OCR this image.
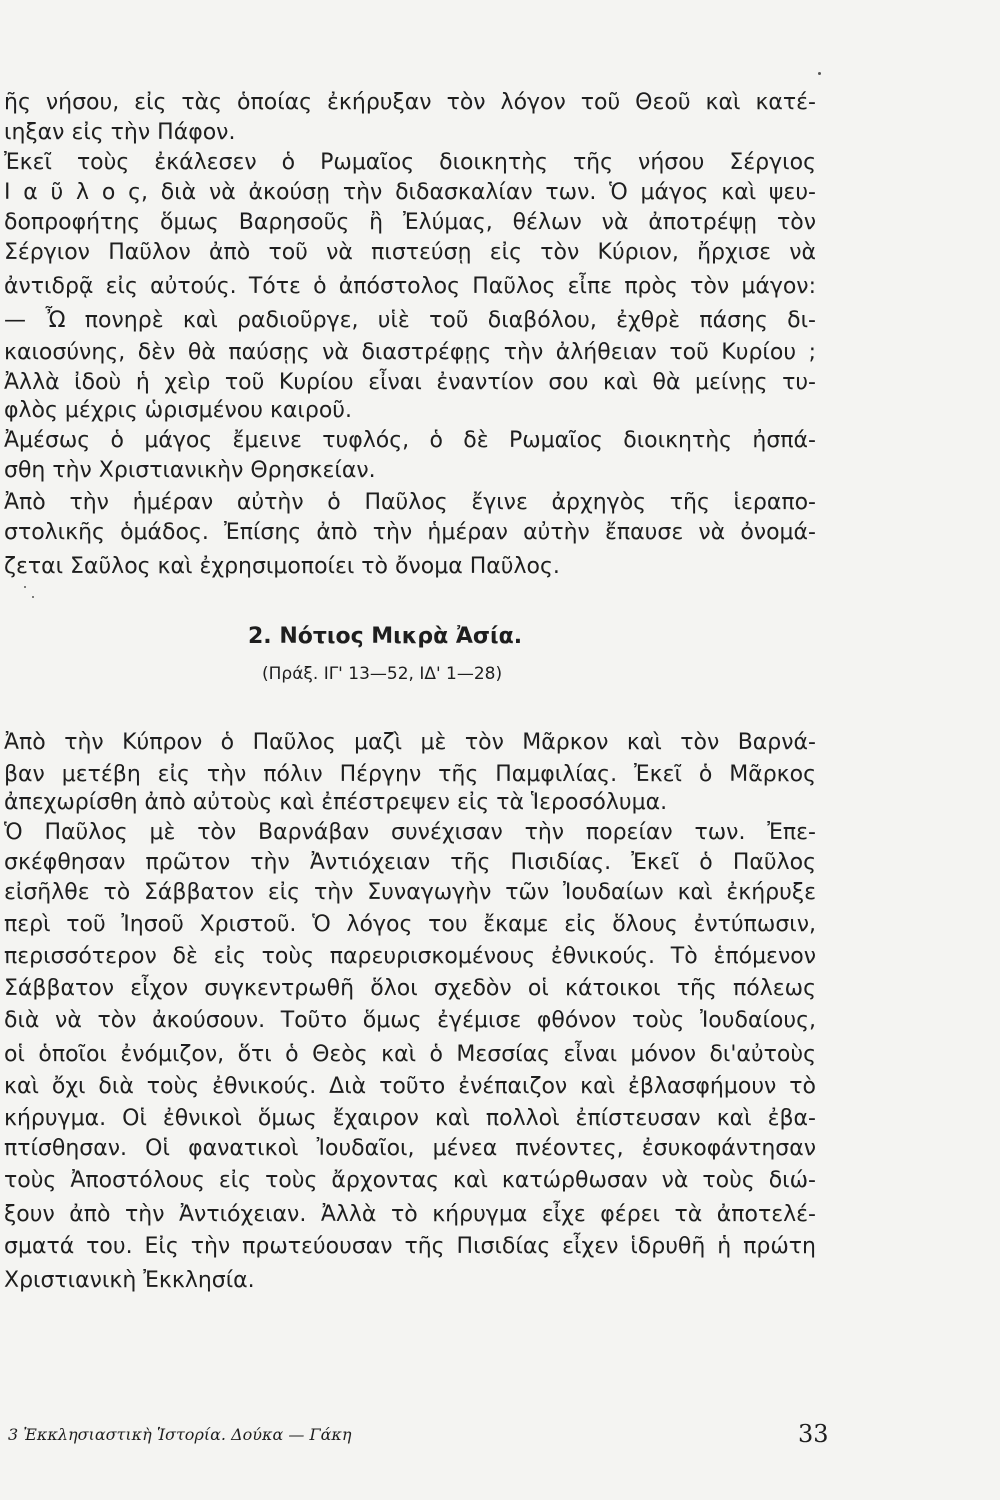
ῆς νήσου, εἰς τὰς ὁποίας ἐκήρυξαν τὸν λόγον τοῦ Θεοῦ καὶ κατέ-
ιηξαν εἰς τὴν Πάφον.
Ἐκεῖ τοὺς ἐκάλεσεν ὁ Ρωμαῖος διοικητὴς τῆς νήσου Σέργιος
Ι α ῦ λ ο ς, διὰ νὰ ἀκούσῃ τὴν διδασκαλίαν των. Ὁ μάγος καὶ ψευ-
δοπροφήτης ὅμως Βαρησοῦς ἢ Ἐλύμας, θέλων νὰ ἀποτρέψῃ τὸν
Σέργιον Παῦλον ἀπὸ τοῦ νὰ πιστεύσῃ εἰς τὸν Κύριον, ἤρχισε νὰ
ἀντιδρᾷ εἰς αὐτούς. Τότε ὁ ἀπόστολος Παῦλος εἶπε πρὸς τὸν μάγον:
— Ὦ πονηρὲ καὶ ραδιοῦργε, υἱὲ τοῦ διαβόλου, ἐχθρὲ πάσης δι-
καιοσύνης, δὲν θὰ παύσῃς νὰ διαστρέφῃς τὴν ἀλήθειαν τοῦ Κυρίου ;
Ἀλλὰ ἰδοὺ ἡ χεὶρ τοῦ Κυρίου εἶναι ἐναντίον σου καὶ θὰ μείνῃς τυ-
φλὸς μέχρις ὡρισμένου καιροῦ.
Ἀμέσως ὁ μάγος ἔμεινε τυφλός, ὁ δὲ Ρωμαῖος διοικητὴς ἠσπά-
σθη τὴν Χριστιανικὴν Θρησκείαν.
Ἀπὸ τὴν ἡμέραν αὐτὴν ὁ Παῦλος ἔγινε ἀρχηγὸς τῆς ἱεραπο-
στολικῆς ὁμάδος. Ἐπίσης ἀπὸ τὴν ἡμέραν αὐτὴν ἔπαυσε νὰ ὀνομά-
ζεται Σαῦλος καὶ ἐχρησιμοποίει τὸ ὄνομα Παῦλος.
2. Νότιος Μικρὰ Ἀσία.
(Πράξ. ΙΓ' 13—52, ΙΔ' 1—28)
Ἀπὸ τὴν Κύπρον ὁ Παῦλος μαζὶ μὲ τὸν Μᾶρκον καὶ τὸν Βαρνά-
βαν μετέβη εἰς τὴν πόλιν Πέργην τῆς Παμφιλίας. Ἐκεῖ ὁ Μᾶρκος
ἀπεχωρίσθη ἀπὸ αὐτοὺς καὶ ἐπέστρεψεν εἰς τὰ Ἱεροσόλυμα.
Ὁ Παῦλος μὲ τὸν Βαρνάβαν συνέχισαν τὴν πορείαν των. Ἐπε-
σκέφθησαν πρῶτον τὴν Ἀντιόχειαν τῆς Πισιδίας. Ἐκεῖ ὁ Παῦλος
εἰσῆλθε τὸ Σάββατον εἰς τὴν Συναγωγὴν τῶν Ἰουδαίων καὶ ἐκήρυξε
περὶ τοῦ Ἰησοῦ Χριστοῦ. Ὁ λόγος του ἔκαμε εἰς ὅλους ἐντύπωσιν,
περισσότερον δὲ εἰς τοὺς παρευρισκομένους ἐθνικούς. Τὸ ἑπόμενον
Σάββατον εἶχον συγκεντρωθῆ ὅλοι σχεδὸν οἱ κάτοικοι τῆς πόλεως
διὰ νὰ τὸν ἀκούσουν. Τοῦτο ὅμως ἐγέμισε φθόνον τοὺς Ἰουδαίους,
οἱ ὁποῖοι ἐνόμιζον, ὅτι ὁ Θεὸς καὶ ὁ Μεσσίας εἶναι μόνον δι'αὐτοὺς
καὶ ὄχι διὰ τοὺς ἐθνικούς. Διὰ τοῦτο ἐνέπαιζον καὶ ἐβλασφήμουν τὸ
κήρυγμα. Οἱ ἐθνικοὶ ὅμως ἔχαιρον καὶ πολλοὶ ἐπίστευσαν καὶ ἐβα-
πτίσθησαν. Οἱ φανατικοὶ Ἰουδαῖοι, μένεα πνέοντες, ἐσυκοφάντησαν
τοὺς Ἀποστόλους εἰς τοὺς ἄρχοντας καὶ κατώρθωσαν νὰ τοὺς διώ-
ξουν ἀπὸ τὴν Ἀντιόχειαν. Ἀλλὰ τὸ κήρυγμα εἶχε φέρει τὰ ἀποτελέ-
σματά του. Εἰς τὴν πρωτεύουσαν τῆς Πισιδίας εἶχεν ἱδρυθῆ ἡ πρώτη
Χριστιανικὴ Ἐκκλησία.
3 Ἐκκλησιαστικὴ Ἱστορία. Δούκα — Γάκη	33
